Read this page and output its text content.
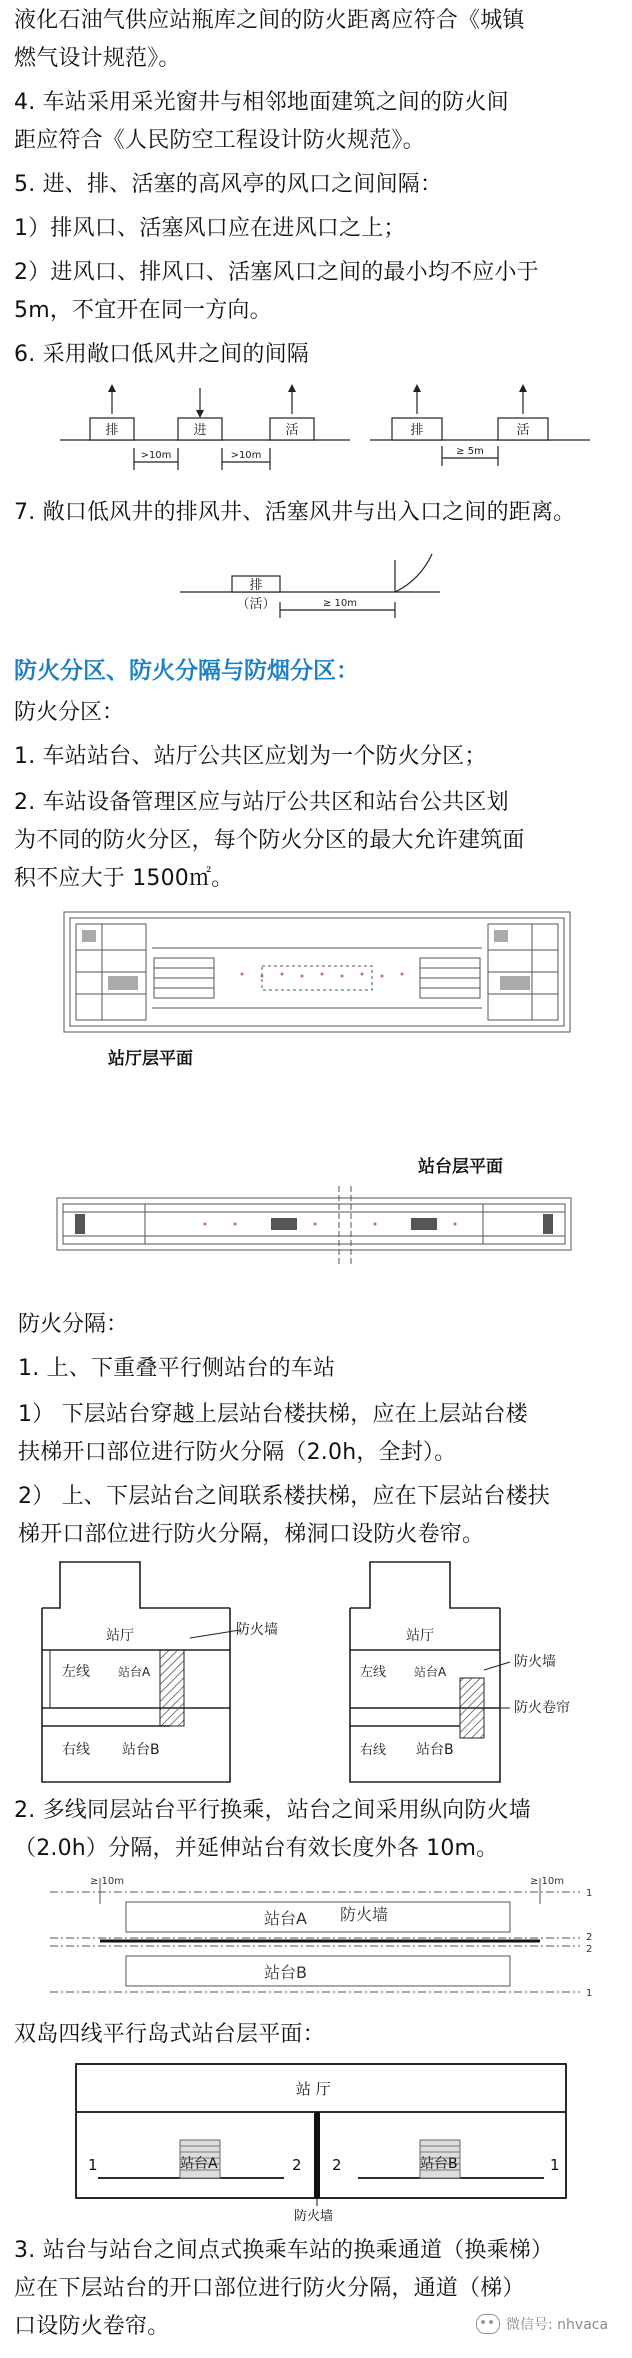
液化石油气供应站瓶库之间的防火距离应符合《城镇
燃气设计规范》。
4. 车站采用采光窗井与相邻地面建筑之间的防火间
距应符合《人民防空工程设计防火规范》。
5. 进、排、活塞的高风亭的风口之间间隔：
1）排风口、活塞风口应在进风口之上；
2）进风口、排风口、活塞风口之间的最小均不应小于
5m，不宜开在同一方向。
6. 采用敞口低风井之间的间隔
排	进	活	排	活
>10m	>10m	≥ 5m
7. 敞口低风井的排风井、活塞风井与出入口之间的距离。
排
（活）	≥ 10m
防火分区、防火分隔与防烟分区：
防火分区：
1. 车站站台、站厅公共区应划为一个防火分区；
2. 车站设备管理区应与站厅公共区和站台公共区划
为不同的防火分区，每个防火分区的最大允许建筑面
积不应大于 1500㎡。
站厅层平面
站台层平面
防火分隔：
1. 上、下重叠平行侧站台的车站
1） 下层站台穿越上层站台楼扶梯，应在上层站台楼
扶梯开口部位进行防火分隔（2.0h，全封）。
2） 上、下层站台之间联系楼扶梯，应在下层站台楼扶
梯开口部位进行防火分隔，梯洞口设防火卷帘。
站厅	防火墙
左线 站台A
右线 站台B
站厅
左线 站台A
防火墙
防火卷帘
右线 站台B
2. 多线同层站台平行换乘，站台之间采用纵向防火墙
（2.0h）分隔，并延伸站台有效长度外各 10m。
≥ 10m	≥ 10m
1
2
2
1
站台A 防火墙
站台B
双岛四线平行岛式站台层平面：
站 厅
站台A	站台B
1	2 2	1
防火墙
3. 站台与站台之间点式换乘车站的换乘通道（换乘梯）
应在下层站台的开口部位进行防火分隔，通道（梯）
口设防火卷帘。	微信号: nhvaca
